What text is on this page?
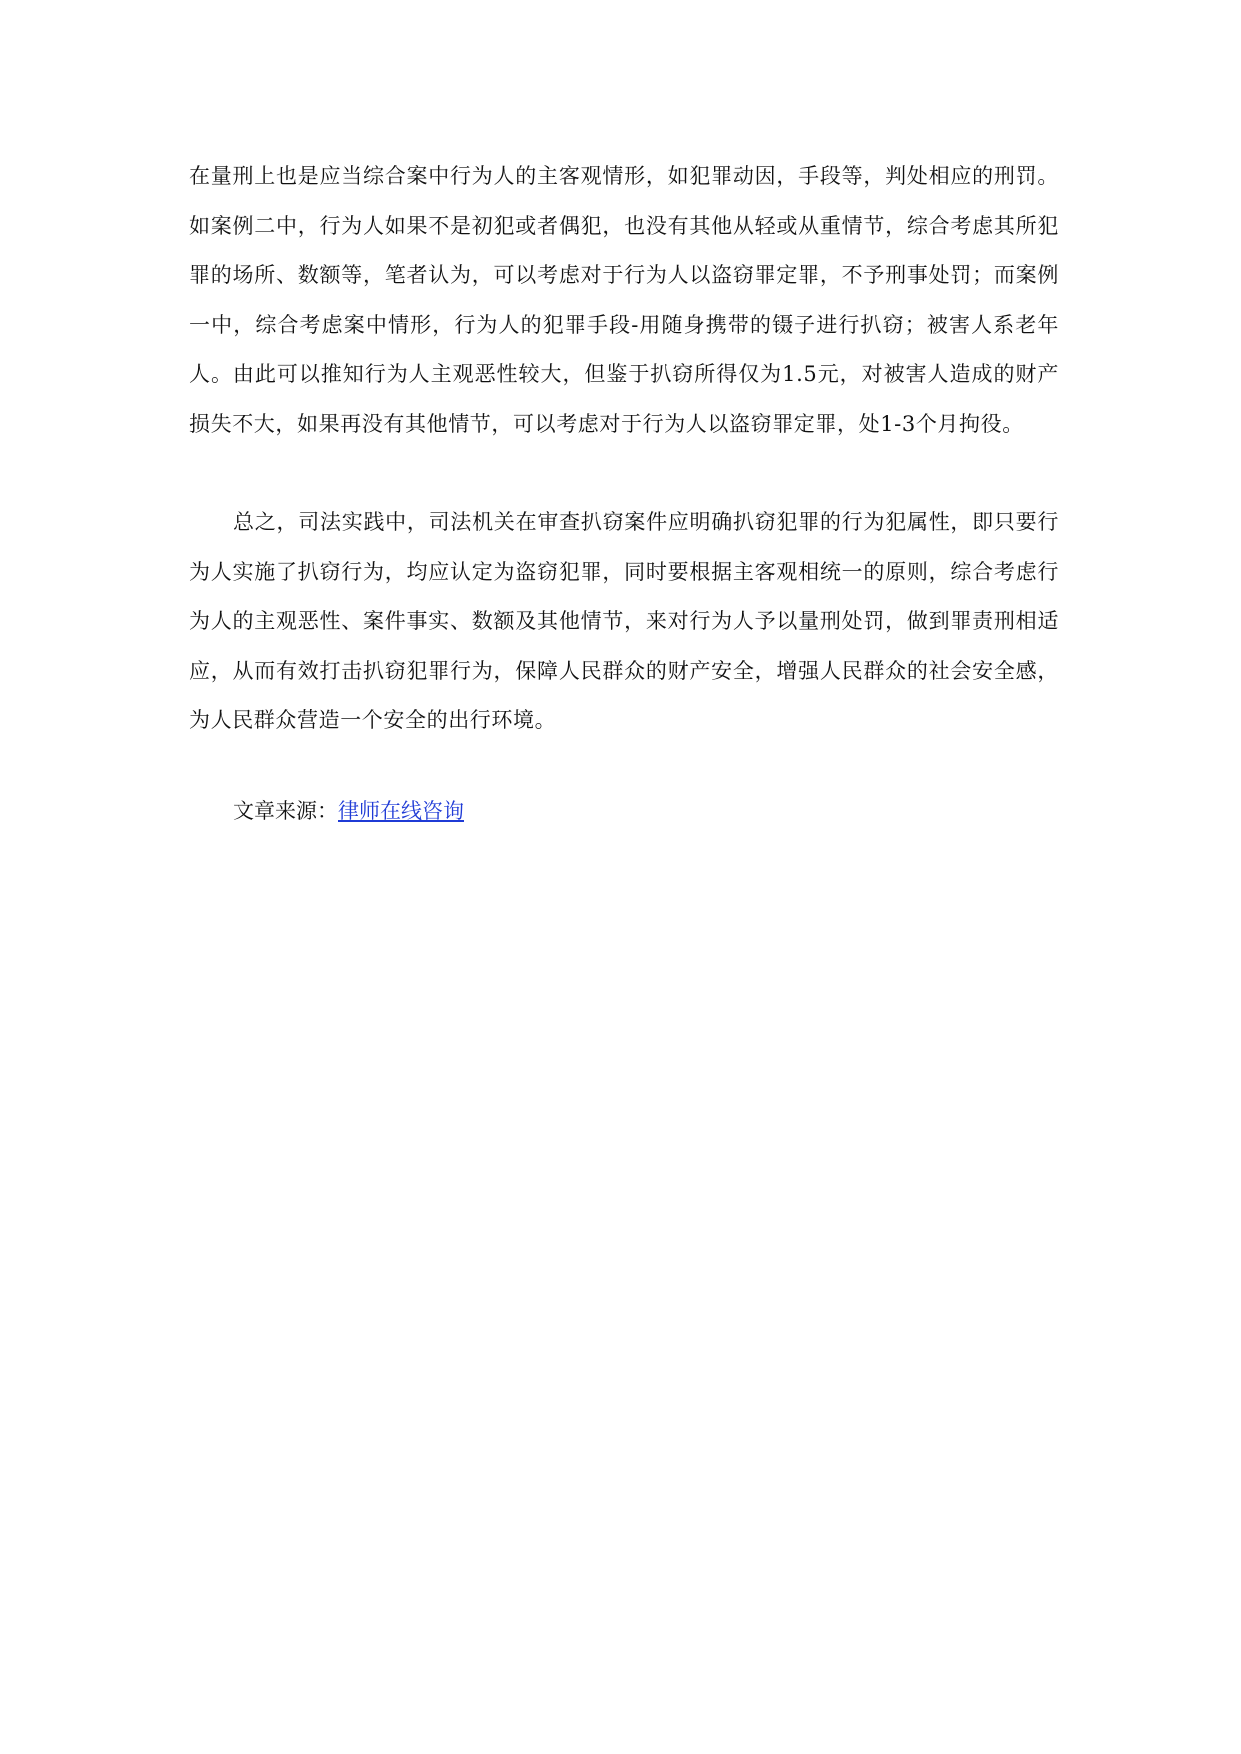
在量刑上也是应当综合案中行为人的主客观情形，如犯罪动因，手段等，判处相应的刑罚。如案例二中，行为人如果不是初犯或者偶犯，也没有其他从轻或从重情节，综合考虑其所犯罪的场所、数额等，笔者认为，可以考虑对于行为人以盗窃罪定罪，不予刑事处罚；而案例一中，综合考虑案中情形，行为人的犯罪手段-用随身携带的镊子进行扒窃；被害人系老年人。由此可以推知行为人主观恶性较大，但鉴于扒窃所得仅为1.5元，对被害人造成的财产损失不大，如果再没有其他情节，可以考虑对于行为人以盗窃罪定罪，处1-3个月拘役。

总之，司法实践中，司法机关在审查扒窃案件应明确扒窃犯罪的行为犯属性，即只要行为人实施了扒窃行为，均应认定为盗窃犯罪，同时要根据主客观相统一的原则，综合考虑行为人的主观恶性、案件事实、数额及其他情节，来对行为人予以量刑处罚，做到罪责刑相适应，从而有效打击扒窃犯罪行为，保障人民群众的财产安全，增强人民群众的社会安全感，为人民群众营造一个安全的出行环境。

文章来源：律师在线咨询
